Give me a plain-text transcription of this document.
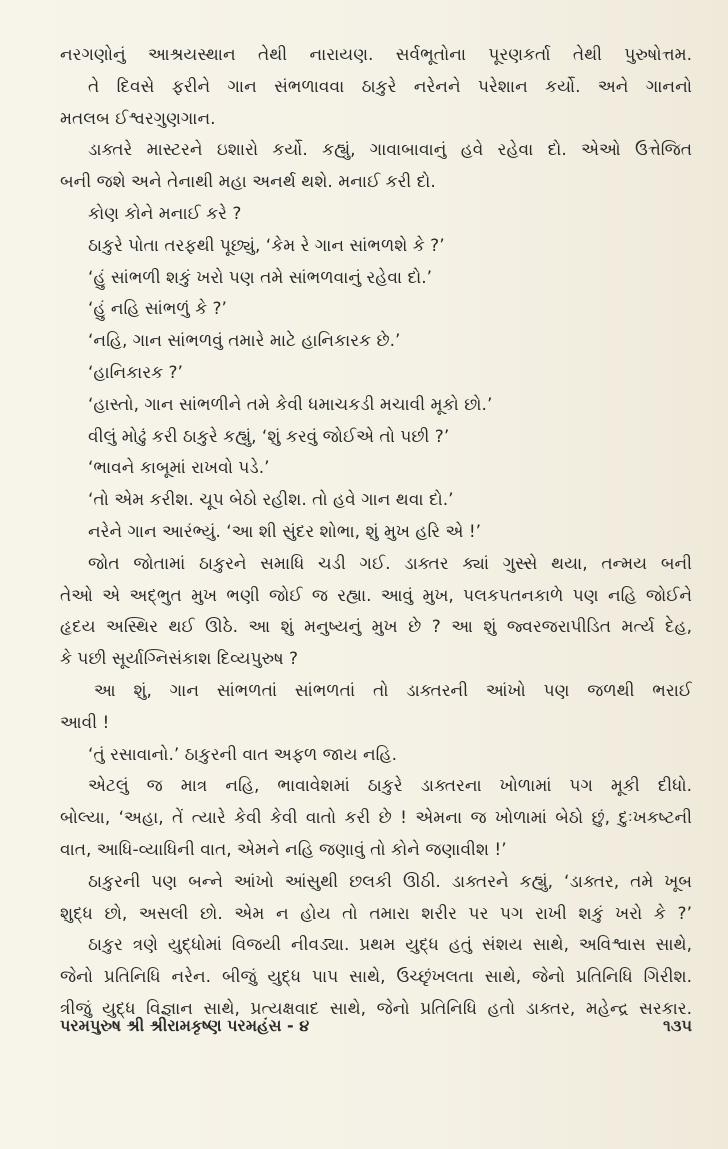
નરગણોનું આશ્રયસ્થાન તેથી નારાયણ. સર્વભૂતોના પૂરણકર્તા તેથી પુરુષોત્તમ.
તે દિવસે ફરીને ગાન સંભળાવવા ઠાકુરે નરેનને પરેશાન કર્યો. અને ગાનનો
મતલબ ઈશ્વરગુણગાન.
ડાક્તરે માસ્ટરને ઇશારો કર્યો. કહ્યું, ગાવાબાવાનું હવે રહેવા દો. એઓ ઉત્તેજિત
બની જશે અને તેનાથી મહા અનર્થ થશે. મનાઈ કરી દો.
કોણ કોને મનાઈ કરે ?
ઠાકુરે પોતા તરફથી પૂછ્યું, ‘કેમ રે ગાન સાંભળશે કે ?’
‘હું સાંભળી શકું ખરો પણ તમે સાંભળવાનું રહેવા દો.’
‘હું નહિ સાંભળું કે ?’
‘નહિ, ગાન સાંભળવું તમારે માટે હાનિકારક છે.’
‘હાનિકારક ?’
‘હાસ્તો, ગાન સાંભળીને તમે કેવી ધમાચકડી મચાવી મૂકો છો.’
વીલું મોઢું કરી ઠાકુરે કહ્યું, ‘શું કરવું જોઈએ તો પછી ?’
‘ભાવને કાબૂમાં રાખવો પડે.’
‘તો એમ કરીશ. ચૂપ બેઠો રહીશ. તો હવે ગાન થવા દો.’
નરેને ગાન આરંભ્યું. ‘આ શી સુંદર શોભા, શું મુખ હરિ એ !’
જોત જોતામાં ઠાકુરને સમાધિ ચડી ગઈ. ડાક્તર ક્યાં ગુસ્સે થયા, તન્મય બની
તેઓ એ અદ્ભુત મુખ ભણી જોઈ જ રહ્યા. આવું મુખ, પલકપતનકાળે પણ નહિ જોઈને
હૃદય અસ્થિર થઈ ઊઠે. આ શું મનુષ્યનું મુખ છે ? આ શું જ્વરજરાપીડિત મર્ત્ય દેહ,
કે પછી સૂર્યાગ્નિસંકાશ દિવ્યપુરુષ ?
આ શું, ગાન સાંભળતાં સાંભળતાં તો ડાક્તરની આંખો પણ જળથી ભરાઈ
આવી !
‘તું રસાવાનો.’ ઠાકુરની વાત અફળ જાય નહિ.
એટલું જ માત્ર નહિ, ભાવાવેશમાં ઠાકુરે ડાક્તરના ખોળામાં પગ મૂકી દીધો.
બોલ્યા, ‘અહા, તેં ત્યારે કેવી કેવી વાતો કરી છે ! એમના જ ખોળામાં બેઠો છું, દુઃખકષ્ટની
વાત, આધિ-વ્યાધિની વાત, એમને નહિ જણાવું તો કોને જણાવીશ !’
ઠાકુરની પણ બન્ને આંખો આંસુથી છલકી ઊઠી. ડાક્તરને કહ્યું, ‘ડાક્તર, તમે ખૂબ
શુદ્ધ છો, અસલી છો. એમ ન હોય તો તમારા શરીર પર પગ રાખી શકું ખરો કે ?’
ઠાકુર ત્રણે યુદ્ધોમાં વિજયી નીવડ્યા. પ્રથમ યુદ્ધ હતું સંશય સાથે, અવિશ્વાસ સાથે,
જેનો પ્રતિનિધિ નરેન. બીજું યુદ્ધ પાપ સાથે, ઉચ્છૃંખલતા સાથે, જેનો પ્રતિનિધિ ગિરીશ.
ત્રીજું યુદ્ધ વિજ્ઞાન સાથે, પ્રત્યક્ષવાદ સાથે, જેનો પ્રતિનિધિ હતો ડાક્તર, મહેન્દ્ર સરકાર.
પરમપુરુષ શ્રી શ્રીરામકૃષ્ણ પરમહંસ - ૪	૧૩૫
